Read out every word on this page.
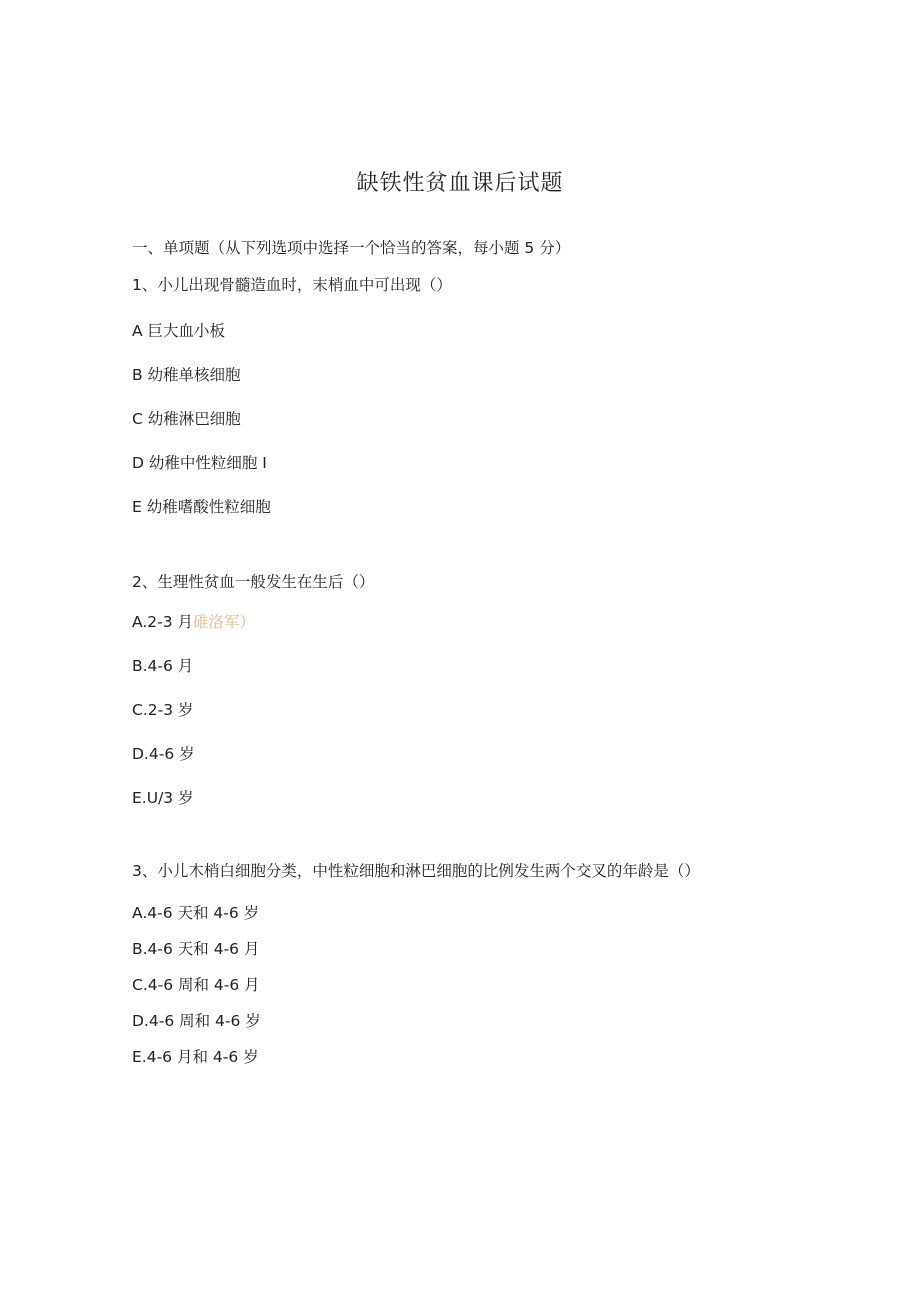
缺铁性贫血课后试题
一、单项题（从下列选项中选择一个恰当的答案，每小题 5 分）
1、小儿出现骨髓造血时，末梢血中可出现（）
A 巨大血小板
B 幼稚单核细胞
C 幼稚淋巴细胞
D 幼稚中性粒细胞 I
E 幼稚嗜酸性粒细胞
2、生理性贫血一般发生在生后（）
A.2-3 月碓洛军）
B.4-6 月
C.2-3 岁
D.4-6 岁
E.U/3 岁
3、小儿木梢白细胞分类，中性粒细胞和淋巴细胞的比例发生两个交叉的年龄是（）
A.4-6 天和 4-6 岁
B.4-6 天和 4-6 月
C.4-6 周和 4-6 月
D.4-6 周和 4-6 岁
E.4-6 月和 4-6 岁
